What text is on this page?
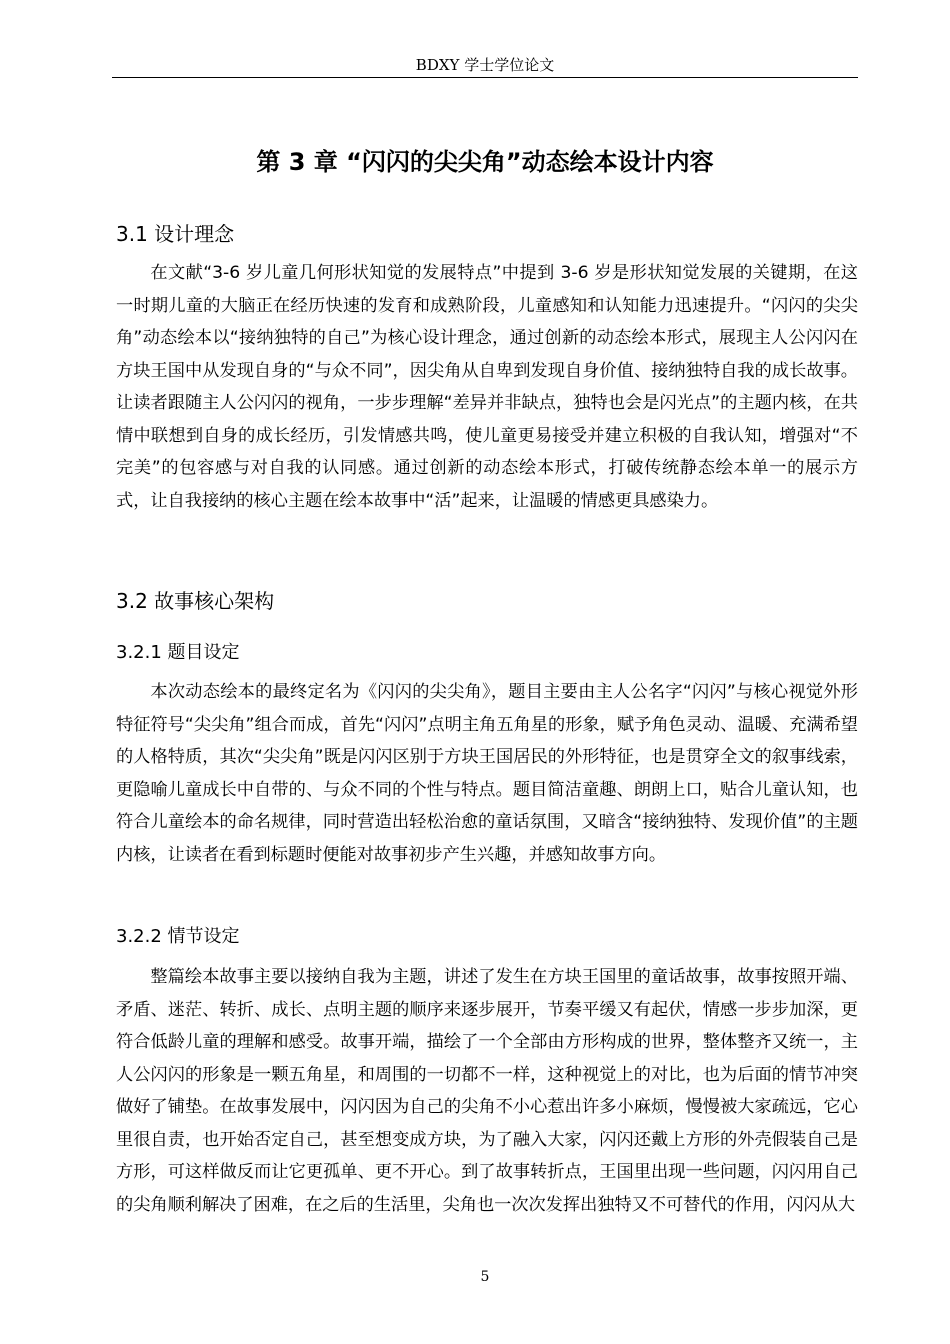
BDXY 学士学位论文
第 3 章 “闪闪的尖尖角”动态绘本设计内容
3.1 设计理念

在文献“3-6 岁儿童几何形状知觉的发展特点”中提到 3-6 岁是形状知觉发展的关键期，在这一时期儿童的大脑正在经历快速的发育和成熟阶段，儿童感知和认知能力迅速提升。“闪闪的尖尖角”动态绘本以“接纳独特的自己”为核心设计理念，通过创新的动态绘本形式，展现主人公闪闪在方块王国中从发现自身的“与众不同”，因尖角从自卑到发现自身价值、接纳独特自我的成长故事。让读者跟随主人公闪闪的视角，一步步理解“差异并非缺点，独特也会是闪光点”的主题内核，在共情中联想到自身的成长经历，引发情感共鸣，使儿童更易接受并建立积极的自我认知，增强对“不完美”的包容感与对自我的认同感。通过创新的动态绘本形式，打破传统静态绘本单一的展示方式，让自我接纳的核心主题在绘本故事中“活”起来，让温暖的情感更具感染力。

3.2 故事核心架构
3.2.1 题目设定

本次动态绘本的最终定名为《闪闪的尖尖角》，题目主要由主人公名字“闪闪”与核心视觉外形特征符号“尖尖角”组合而成，首先“闪闪”点明主角五角星的形象，赋予角色灵动、温暖、充满希望的人格特质，其次“尖尖角”既是闪闪区别于方块王国居民的外形特征，也是贯穿全文的叙事线索，更隐喻儿童成长中自带的、与众不同的个性与特点。题目简洁童趣、朗朗上口，贴合儿童认知，也符合儿童绘本的命名规律，同时营造出轻松治愈的童话氛围，又暗含“接纳独特、发现价值”的主题内核，让读者在看到标题时便能对故事初步产生兴趣，并感知故事方向。

3.2.2 情节设定

整篇绘本故事主要以接纳自我为主题，讲述了发生在方块王国里的童话故事，故事按照开端、矛盾、迷茫、转折、成长、点明主题的顺序来逐步展开，节奏平缓又有起伏，情感一步步加深，更符合低龄儿童的理解和感受。故事开端，描绘了一个全部由方形构成的世界，整体整齐又统一，主人公闪闪的形象是一颗五角星，和周围的一切都不一样，这种视觉上的对比，也为后面的情节冲突做好了铺垫。在故事发展中，闪闪因为自己的尖角不小心惹出许多小麻烦，慢慢被大家疏远，它心里很自责，也开始否定自己，甚至想变成方块，为了融入大家，闪闪还戴上方形的外壳假装自己是方形，可这样做反而让它更孤单、更不开心。到了故事转折点，王国里出现一些问题，闪闪用自己的尖角顺利解决了困难，在之后的生活里，尖角也一次次发挥出独特又不可替代的作用，闪闪从大

5
